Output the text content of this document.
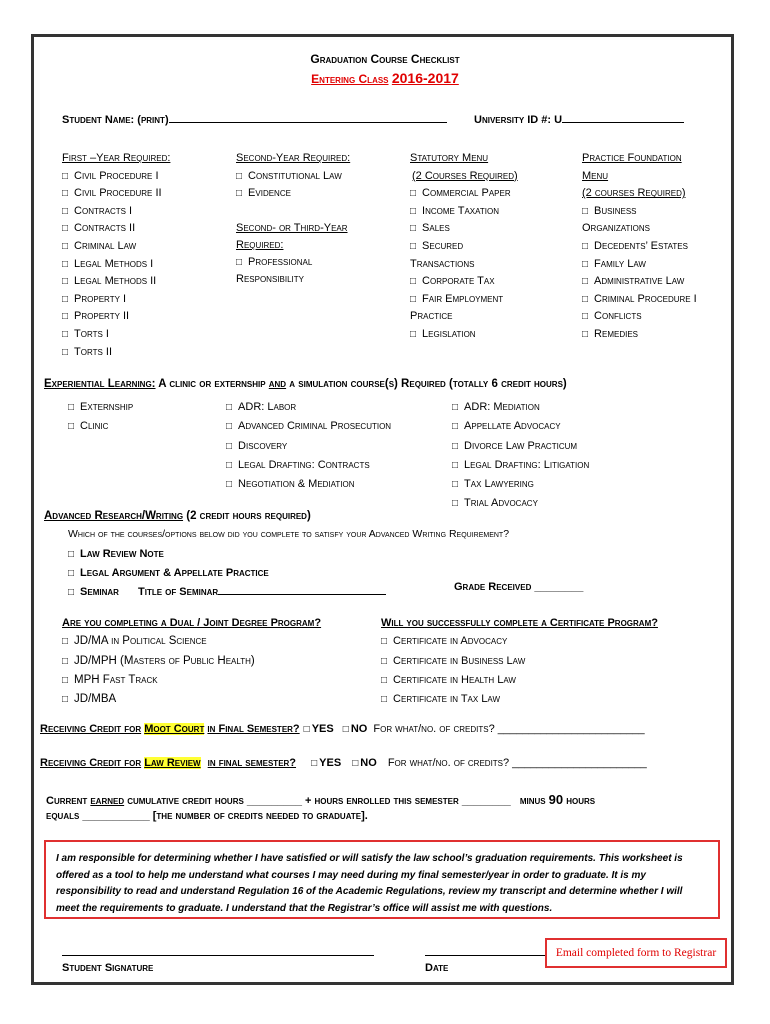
Graduation Course Checklist
Entering Class 2016-2017
Student Name: (print)	University ID #: U
First –Year Required:
□ Civil Procedure I
□ Civil Procedure II
□ Contracts I
□ Contracts II
□ Criminal Law
□ Legal Methods I
□ Legal Methods II
□ Property I
□ Property II
□ Torts I
□ Torts II
Second-Year Required:
□ Constitutional Law
□ Evidence
Second- or Third-Year Required:
□ Professional
Responsibility
Statutory Menu
(2 Courses Required)
□ Commercial Paper
□ Income Taxation
□ Sales
□ Secured
Transactions
□ Corporate Tax
□ Fair Employment
Practice
□ Legislation
Practice Foundation
Menu
(2 courses Required)
□ Business
Organizations
□ Decedents’ Estates
□ Family Law
□ Administrative Law
□ Criminal Procedure I
□ Conflicts
□ Remedies
Experiential Learning: A clinic or externship and a simulation course(s) Required (totally 6 credit hours)
□ Externship
□ Clinic
□ ADR: Labor
□ Advanced Criminal Prosecution
□ Discovery
□ Legal Drafting: Contracts
□ Negotiation & Mediation
□ ADR: Mediation
□ Appellate Advocacy
□ Divorce Law Practicum
□ Legal Drafting: Litigation
□ Tax Lawyering
□ Trial Advocacy
Advanced Research/Writing (2 credit hours required)
Which of the courses/options below did you complete to satisfy your Advanced Writing Requirement?
□ Law Review Note
□ Legal Argument & Appellate Practice
□ Seminar Title of Seminar	Grade Received ________
Are you completing a Dual / Joint Degree Program?
□ JD/MA in Political Science
□ JD/MPH (Masters of Public Health)
□ MPH Fast Track
□ JD/MBA
Will you successfully complete a Certificate Program?
□ Certificate in Advocacy
□ Certificate in Business Law
□ Certificate in Health Law
□ Certificate in Tax Law
Receiving Credit for Moot Court in Final Semester? □ YES □ NO For what/no. of credits? ________________________
Receiving Credit for Law Review in final semester? □ YES □ NO For what/no. of credits? ______________________
Current earned cumulative credit hours _________ + hours enrolled this semester ________ minus 90 hours
equals ___________ [the number of credits needed to graduate].
I am responsible for determining whether I have satisfied or will satisfy the law school’s graduation requirements. This worksheet is offered as a tool to help me understand what courses I may need during my final semester/year in order to graduate. It is my responsibility to read and understand Regulation 16 of the Academic Regulations, review my transcript and determine whether I will meet the requirements to graduate. I understand that the Registrar’s office will assist me with questions.
Student Signature	Date
Email completed form to Registrar
